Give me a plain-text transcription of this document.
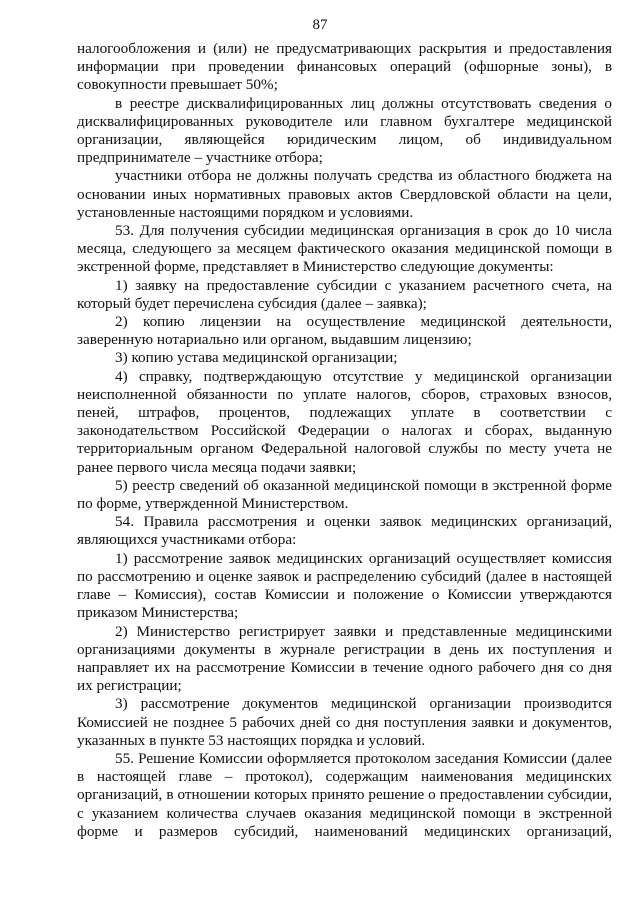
87

налогообложения и (или) не предусматривающих раскрытия и предоставления информации при проведении финансовых операций (офшорные зоны), в совокупности превышает 50%;

в реестре дисквалифицированных лиц должны отсутствовать сведения о дисквалифицированных руководителе или главном бухгалтере медицинской организации, являющейся юридическим лицом, об индивидуальном предпринимателе – участнике отбора;

участники отбора не должны получать средства из областного бюджета на основании иных нормативных правовых актов Свердловской области на цели, установленные настоящими порядком и условиями.

53. Для получения субсидии медицинская организация в срок до 10 числа месяца, следующего за месяцем фактического оказания медицинской помощи в экстренной форме, представляет в Министерство следующие документы:

1) заявку на предоставление субсидии с указанием расчетного счета, на который будет перечислена субсидия (далее – заявка);

2) копию лицензии на осуществление медицинской деятельности, заверенную нотариально или органом, выдавшим лицензию;

3) копию устава медицинской организации;

4) справку, подтверждающую отсутствие у медицинской организации неисполненной обязанности по уплате налогов, сборов, страховых взносов, пеней, штрафов, процентов, подлежащих уплате в соответствии с законодательством Российской Федерации о налогах и сборах, выданную территориальным органом Федеральной налоговой службы по месту учета не ранее первого числа месяца подачи заявки;

5) реестр сведений об оказанной медицинской помощи в экстренной форме по форме, утвержденной Министерством.

54. Правила рассмотрения и оценки заявок медицинских организаций, являющихся участниками отбора:

1) рассмотрение заявок медицинских организаций осуществляет комиссия по рассмотрению и оценке заявок и распределению субсидий (далее в настоящей главе – Комиссия), состав Комиссии и положение о Комиссии утверждаются приказом Министерства;

2) Министерство регистрирует заявки и представленные медицинскими организациями документы в журнале регистрации в день их поступления и направляет их на рассмотрение Комиссии в течение одного рабочего дня со дня их регистрации;

3) рассмотрение документов медицинской организации производится Комиссией не позднее 5 рабочих дней со дня поступления заявки и документов, указанных в пункте 53 настоящих порядка и условий.

55. Решение Комиссии оформляется протоколом заседания Комиссии (далее в настоящей главе – протокол), содержащим наименования медицинских организаций, в отношении которых принято решение о предоставлении субсидии, с указанием количества случаев оказания медицинской помощи в экстренной форме и размеров субсидий, наименований медицинских организаций,
